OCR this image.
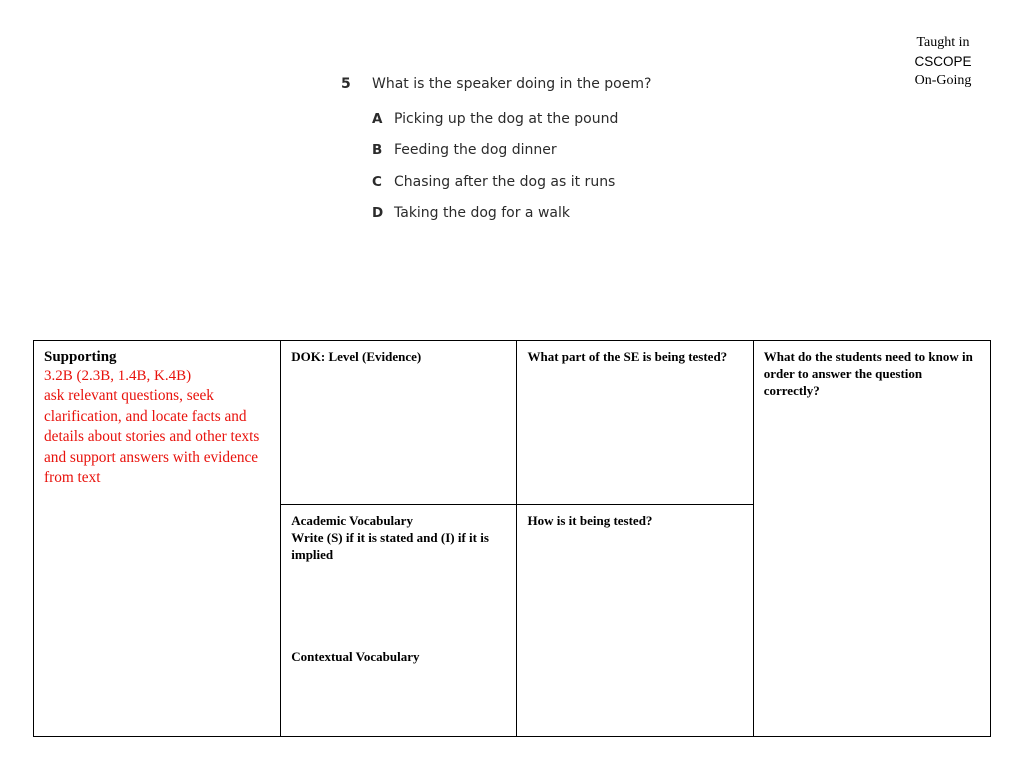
Taught in
CSCOPE
On-Going
5	What is the speaker doing in the poem?
A Picking up the dog at the pound
B Feeding the dog dinner
C Chasing after the dog as it runs
D Taking the dog for a walk
Supporting
3.2B (2.3B, 1.4B, K.4B)
ask relevant questions, seek clarification, and locate facts and details about stories and other texts and support answers with evidence from text	DOK: Level (Evidence)	What part of the SE is being tested?	What do the students need to know in order to answer the question correctly?

	Academic Vocabulary
Write (S) if it is stated and (I) if it is implied
Contextual Vocabulary	How is it being tested?	
